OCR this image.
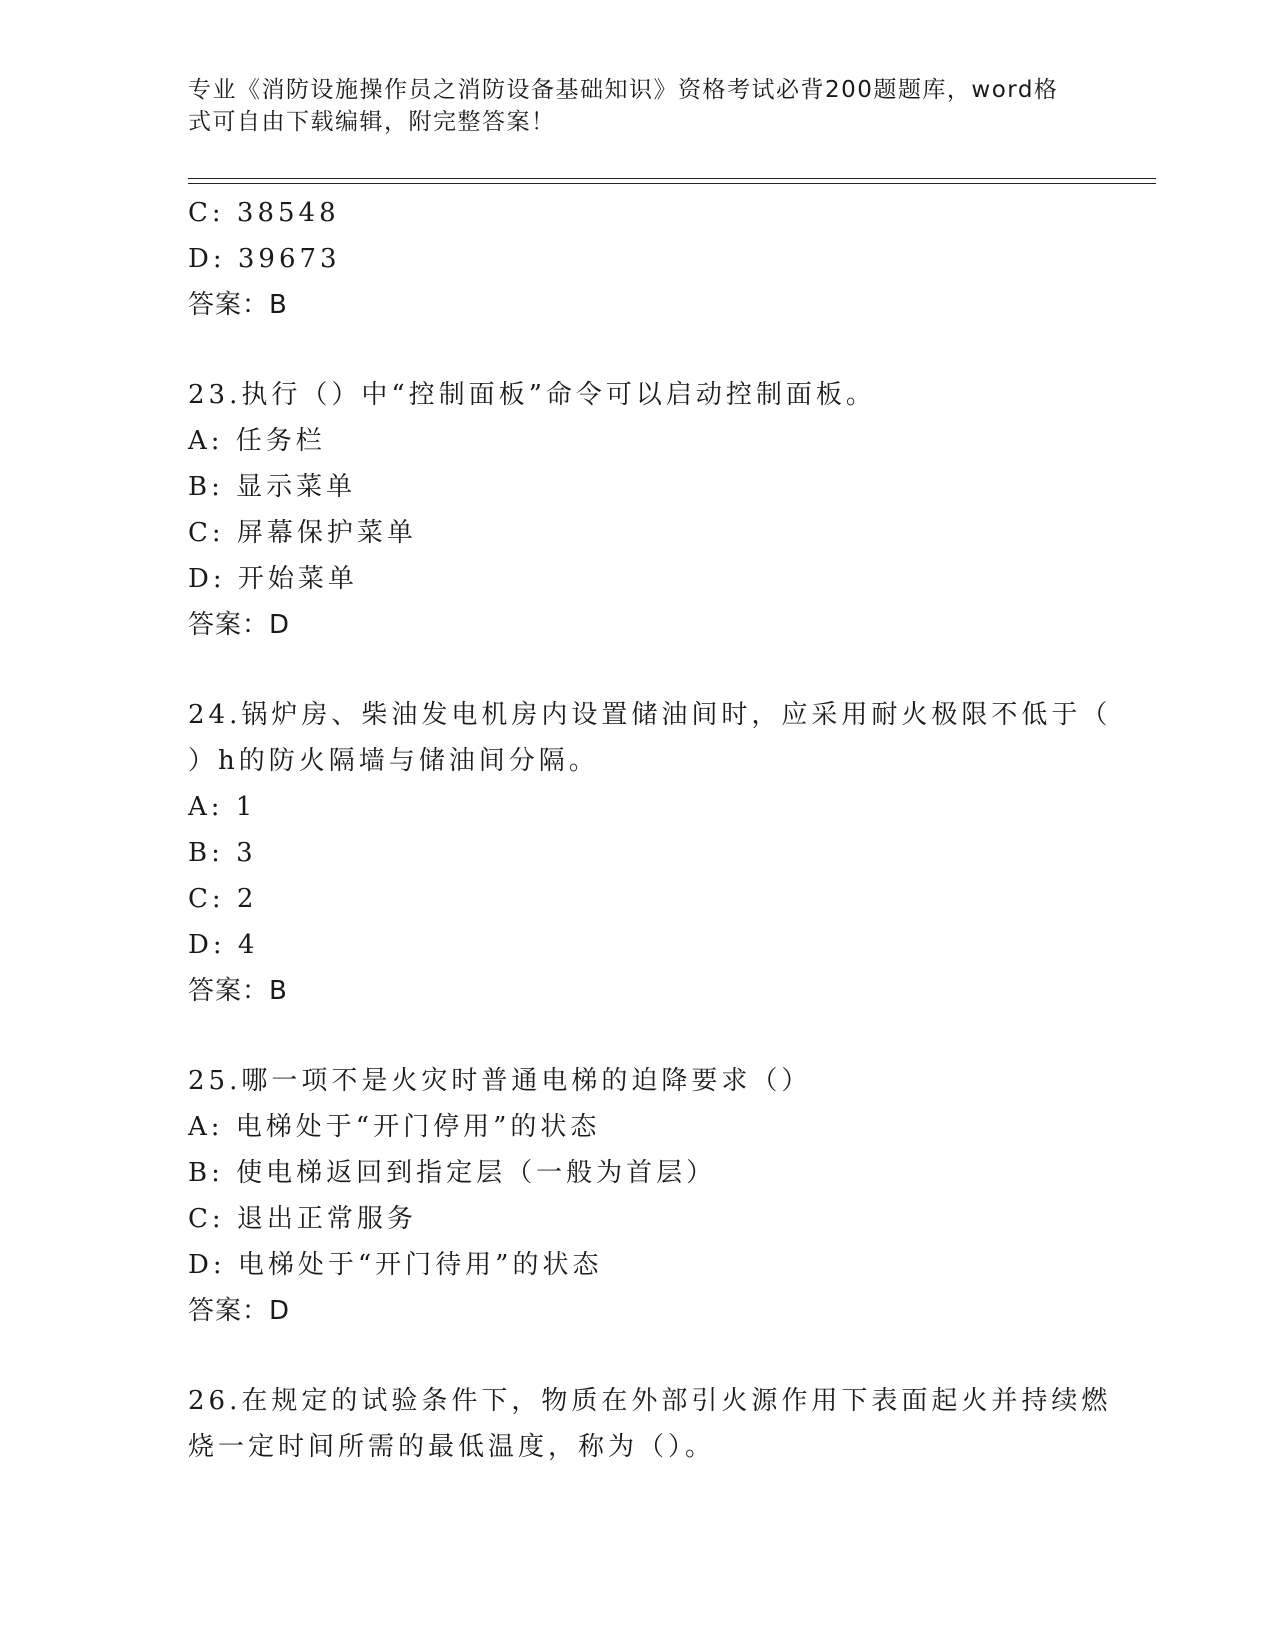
专业《消防设施操作员之消防设备基础知识》资格考试必背200题题库，word格
式可自由下载编辑，附完整答案！
C: 38548
D: 39673
答案：B
23.执行（）中“控制面板”命令可以启动控制面板。
A: 任务栏
B: 显示菜单
C: 屏幕保护菜单
D: 开始菜单
答案：D
24.锅炉房、柴油发电机房内设置储油间时，应采用耐火极限不低于（
）h的防火隔墙与储油间分隔。
A: 1
B: 3
C: 2
D: 4
答案：B
25.哪一项不是火灾时普通电梯的迫降要求（）
A: 电梯处于“开门停用”的状态
B: 使电梯返回到指定层（一般为首层）
C: 退出正常服务
D: 电梯处于“开门待用”的状态
答案：D
26.在规定的试验条件下，物质在外部引火源作用下表面起火并持续燃
烧一定时间所需的最低温度，称为（）。
